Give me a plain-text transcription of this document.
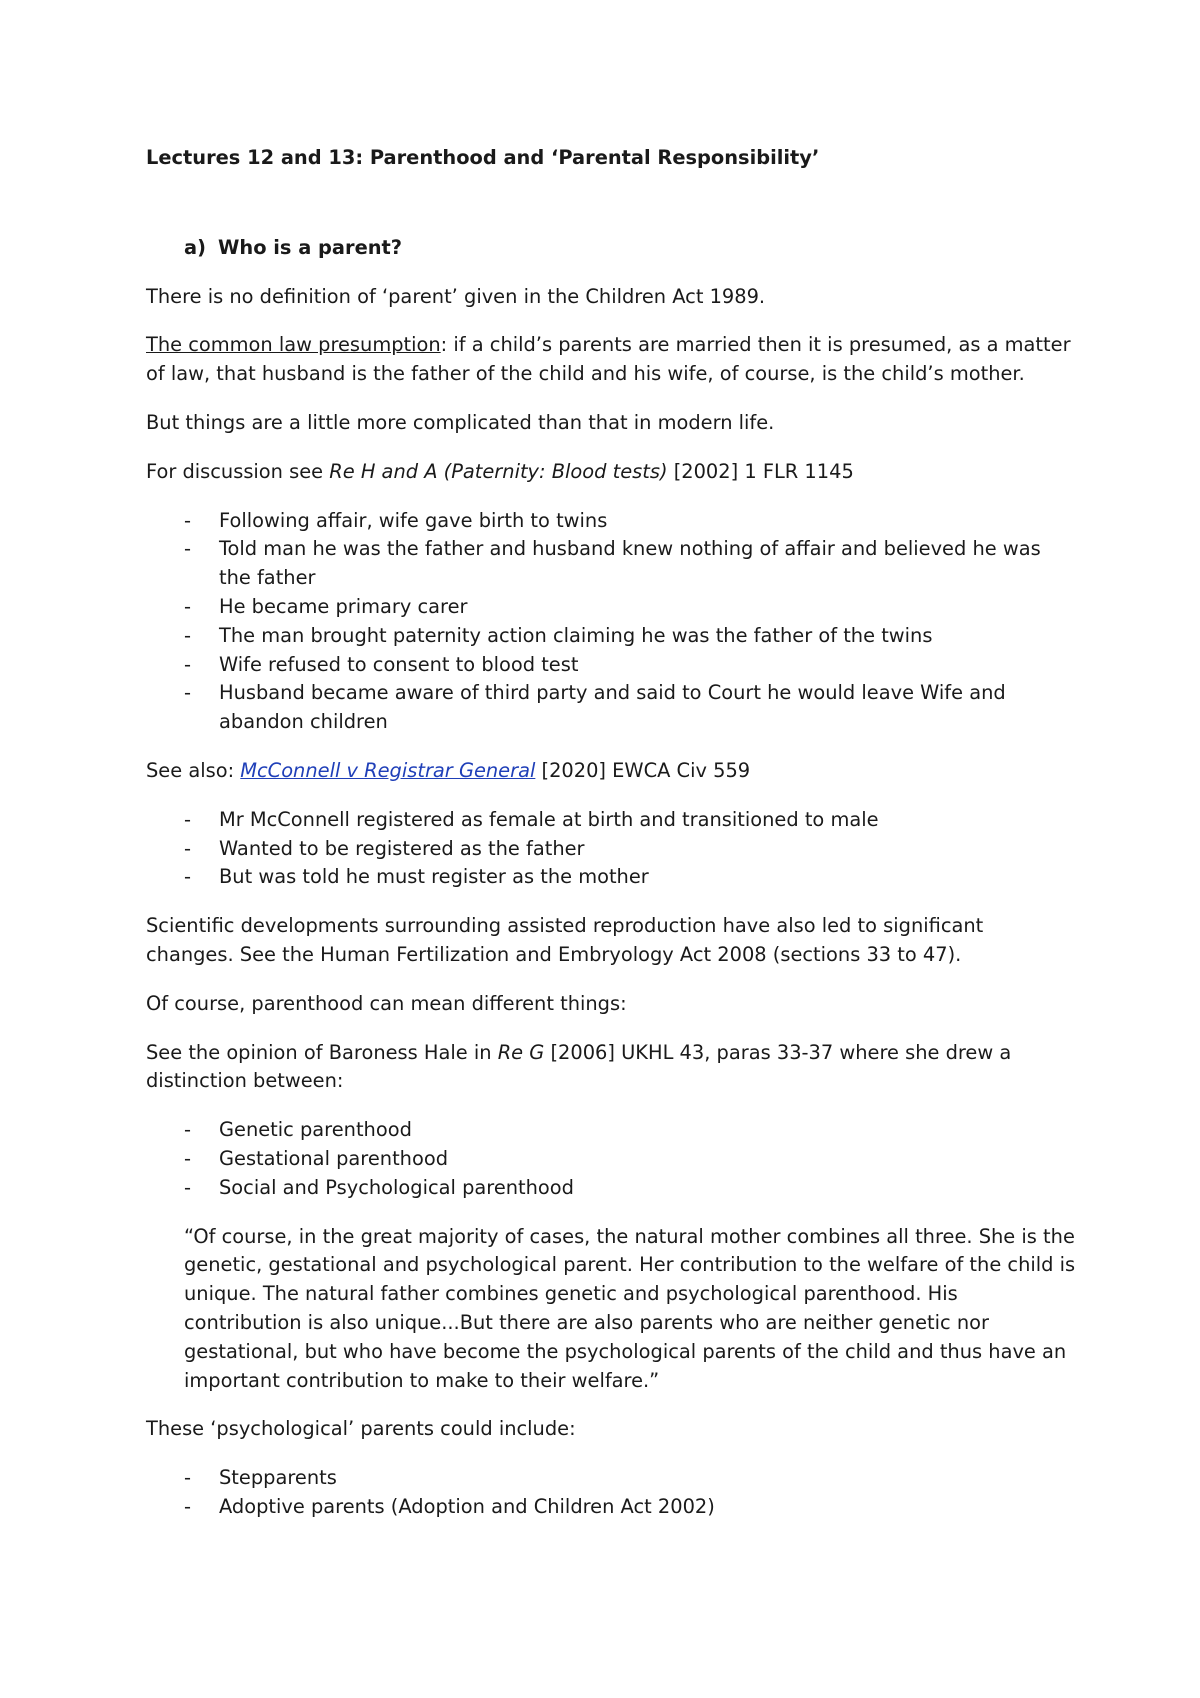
Lectures 12 and 13: Parenthood and ‘Parental Responsibility’

a) Who is a parent?

There is no definition of ‘parent’ given in the Children Act 1989.

The common law presumption: if a child’s parents are married then it is presumed, as a matter of law, that husband is the father of the child and his wife, of course, is the child’s mother.

But things are a little more complicated than that in modern life.

For discussion see Re H and A (Paternity: Blood tests) [2002] 1 FLR 1145

- Following affair, wife gave birth to twins
- Told man he was the father and husband knew nothing of affair and believed he was the father
- He became primary carer
- The man brought paternity action claiming he was the father of the twins
- Wife refused to consent to blood test
- Husband became aware of third party and said to Court he would leave Wife and abandon children

See also: McConnell v Registrar General [2020] EWCA Civ 559

- Mr McConnell registered as female at birth and transitioned to male
- Wanted to be registered as the father
- But was told he must register as the mother

Scientific developments surrounding assisted reproduction have also led to significant changes. See the Human Fertilization and Embryology Act 2008 (sections 33 to 47).

Of course, parenthood can mean different things:

See the opinion of Baroness Hale in Re G [2006] UKHL 43, paras 33-37 where she drew a distinction between:

- Genetic parenthood
- Gestational parenthood
- Social and Psychological parenthood

“Of course, in the great majority of cases, the natural mother combines all three. She is the genetic, gestational and psychological parent. Her contribution to the welfare of the child is unique. The natural father combines genetic and psychological parenthood. His contribution is also unique...But there are also parents who are neither genetic nor gestational, but who have become the psychological parents of the child and thus have an important contribution to make to their welfare.”

These ‘psychological’ parents could include:

- Stepparents
- Adoptive parents (Adoption and Children Act 2002)
